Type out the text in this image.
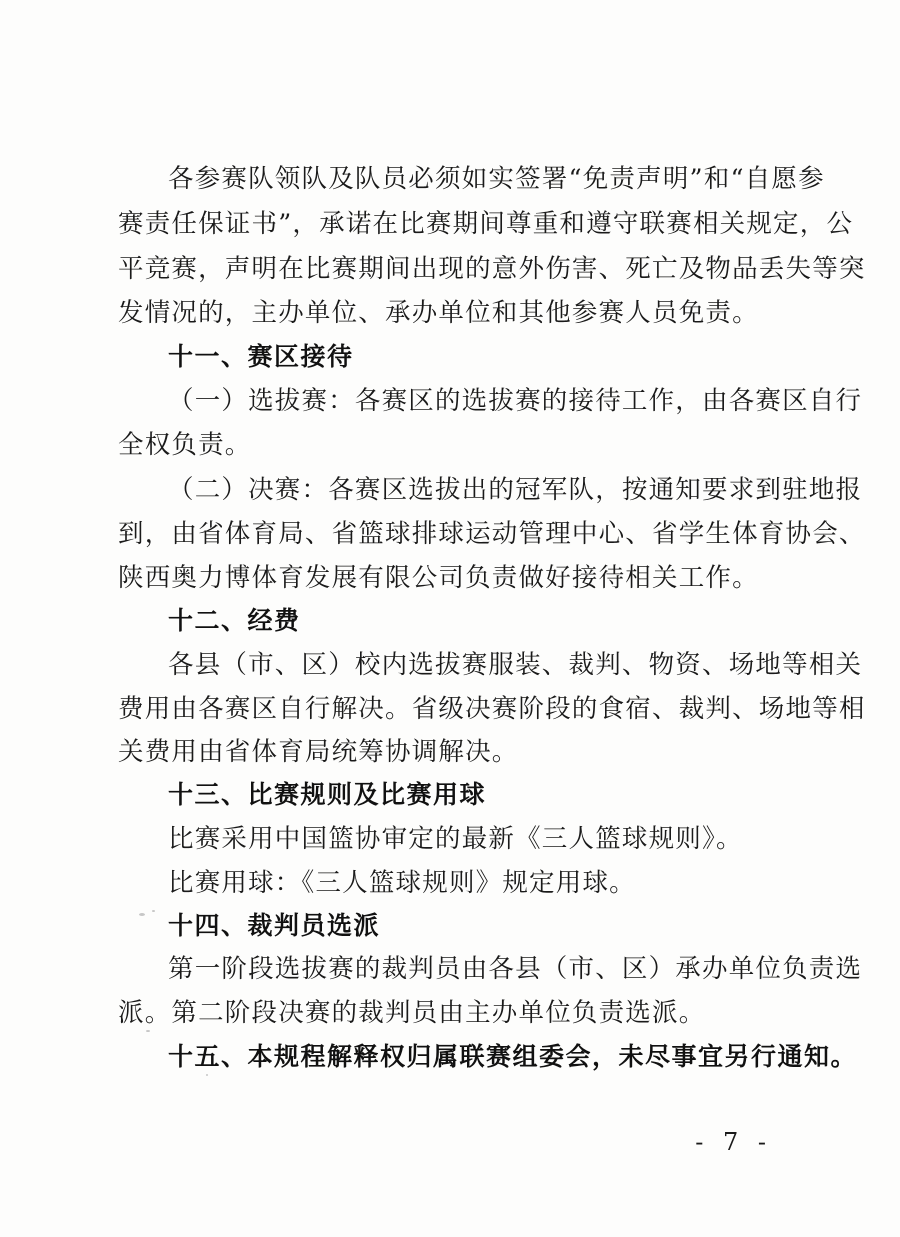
各参赛队领队及队员必须如实签署“免责声明”和“自愿参
赛责任保证书”，承诺在比赛期间尊重和遵守联赛相关规定，公
平竞赛，声明在比赛期间出现的意外伤害、死亡及物品丢失等突
发情况的，主办单位、承办单位和其他参赛人员免责。
十一、赛区接待
（一）选拔赛：各赛区的选拔赛的接待工作，由各赛区自行
全权负责。
（二）决赛：各赛区选拔出的冠军队，按通知要求到驻地报
到，由省体育局、省篮球排球运动管理中心、省学生体育协会、
陕西奥力博体育发展有限公司负责做好接待相关工作。
十二、经费
各县（市、区）校内选拔赛服装、裁判、物资、场地等相关
费用由各赛区自行解决。省级决赛阶段的食宿、裁判、场地等相
关费用由省体育局统筹协调解决。
十三、比赛规则及比赛用球
比赛采用中国篮协审定的最新《三人篮球规则》。
比赛用球：《三人篮球规则》规定用球。
十四、裁判员选派
第一阶段选拔赛的裁判员由各县（市、区）承办单位负责选
派。第二阶段决赛的裁判员由主办单位负责选派。
十五、本规程解释权归属联赛组委会，未尽事宜另行通知。
- 7 -
